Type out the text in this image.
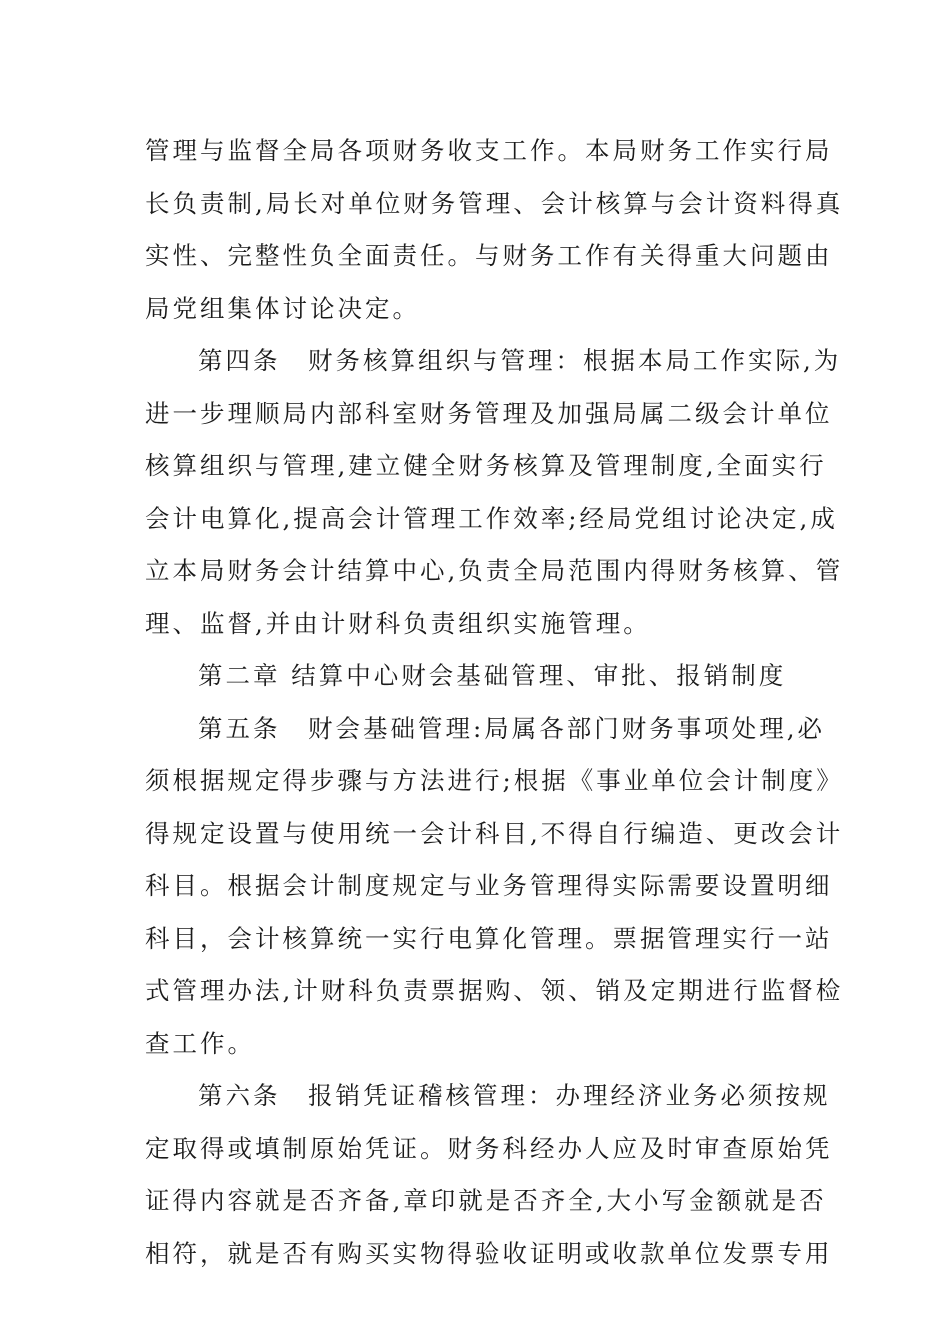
管理与监督全局各项财务收支工作。本局财务工作实行局
长负责制,局长对单位财务管理、会计核算与会计资料得真
实性、完整性负全面责任。与财务工作有关得重大问题由
局党组集体讨论决定。
第四条　财务核算组织与管理：根据本局工作实际,为
进一步理顺局内部科室财务管理及加强局属二级会计单位
核算组织与管理,建立健全财务核算及管理制度,全面实行
会计电算化,提高会计管理工作效率;经局党组讨论决定,成
立本局财务会计结算中心,负责全局范围内得财务核算、管
理、监督,并由计财科负责组织实施管理。
第二章 结算中心财会基础管理、审批、报销制度
第五条　财会基础管理:局属各部门财务事项处理,必
须根据规定得步骤与方法进行;根据《事业单位会计制度》
得规定设置与使用统一会计科目,不得自行编造、更改会计
科目。根据会计制度规定与业务管理得实际需要设置明细
科目，会计核算统一实行电算化管理。票据管理实行一站
式管理办法,计财科负责票据购、领、销及定期进行监督检
查工作。
第六条　报销凭证稽核管理：办理经济业务必须按规
定取得或填制原始凭证。财务科经办人应及时审查原始凭
证得内容就是否齐备,章印就是否齐全,大小写金额就是否
相符，就是否有购买实物得验收证明或收款单位发票专用
